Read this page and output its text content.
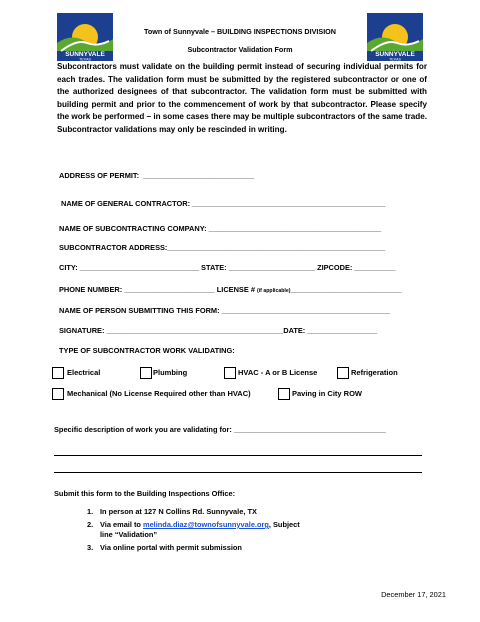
SUNNYVALE
TEXAS
SUNNYVALE
TEXAS
Town of Sunnyvale – BUILDING INSPECTIONS DIVISION
Subcontractor Validation Form
Subcontractors must validate on the building permit instead of securing individual permits for each trades. The validation form must be submitted by the registered subcontractor or one of the authorized designees of that subcontractor. The validation form must be submitted with building permit and prior to the commencement of work by that subcontractor. Please specify the work be performed – in some cases there may be multiple subcontractors of the same trade. Subcontractor validations may only be rescinded in writing.
ADDRESS OF PERMIT:  ___________________________
NAME OF GENERAL CONTRACTOR: _______________________________________________
NAME OF SUBCONTRACTING COMPANY: __________________________________________
SUBCONTRACTOR ADDRESS:_____________________________________________________
CITY: _____________________________ STATE: _____________________ ZIPCODE: __________
PHONE NUMBER: ______________________ LICENSE # (if applicable)___________________________
NAME OF PERSON SUBMITTING THIS FORM: _________________________________________
SIGNATURE: ___________________________________________DATE: _________________
TYPE OF SUBCONTRACTOR WORK VALIDATING:
Electrical	Plumbing	HVAC - A or B License	Refrigeration
Mechanical (No License Required other than HVAC)	Paving in City ROW
Specific description of work you are validating for: _____________________________________
Submit this form to the Building Inspections Office:
1. In person at 127 N Collins Rd. Sunnyvale, TX
2. Via email to melinda.diaz@townofsunnyvale.org, Subject
line “Validation”
3. Via online portal with permit submission
December 17, 2021
